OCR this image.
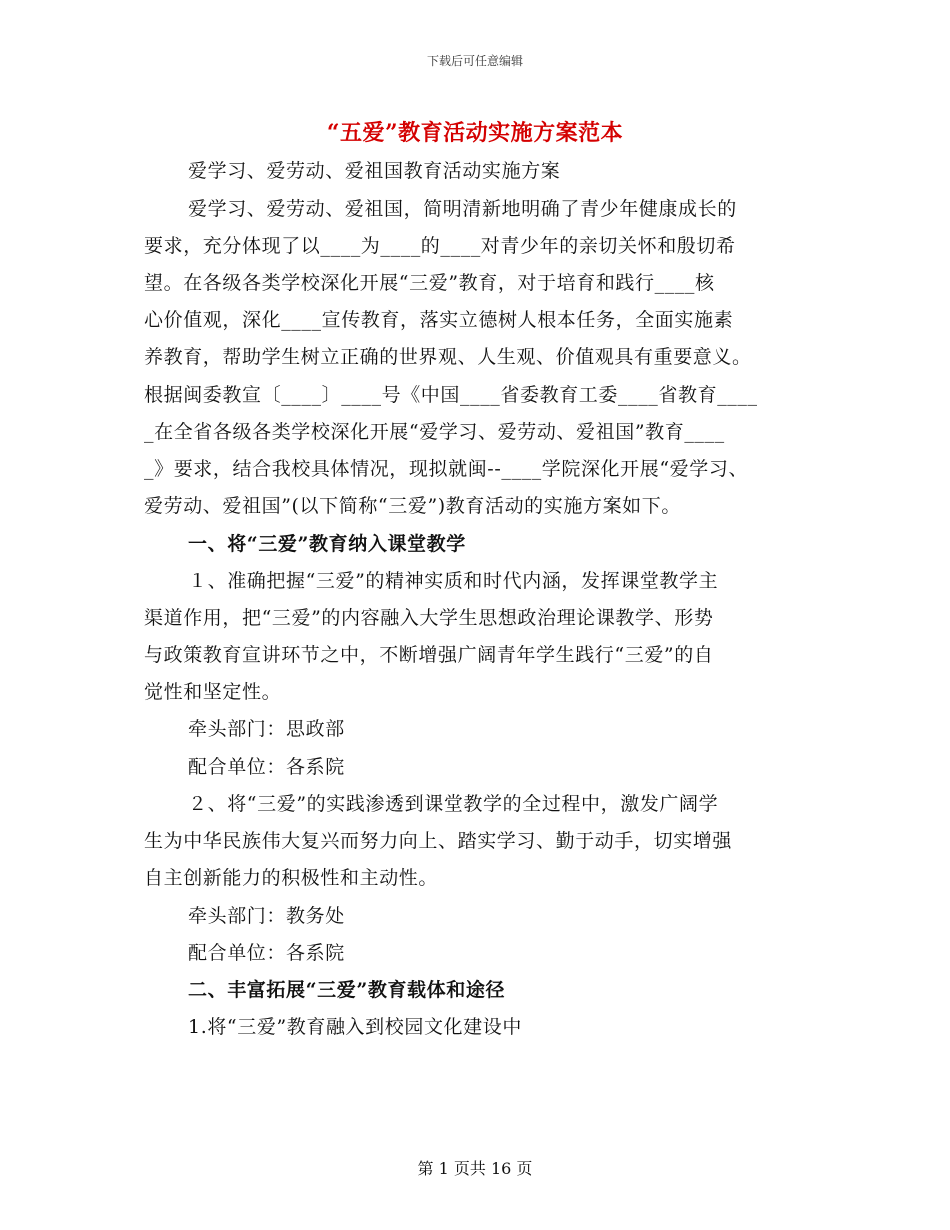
下载后可任意编辑
“五爱”教育活动实施方案范本
爱学习、爱劳动、爱祖国教育活动实施方案
爱学习、爱劳动、爱祖国，简明清新地明确了青少年健康成长的
要求，充分体现了以____为____的____对青少年的亲切关怀和殷切希
望。在各级各类学校深化开展“三爱”教育，对于培育和践行____核
心价值观，深化____宣传教育，落实立德树人根本任务，全面实施素
养教育，帮助学生树立正确的世界观、人生观、价值观具有重要意义。
根据闽委教宣〔____〕____号《中国____省委教育工委____省教育____
_在全省各级各类学校深化开展“爱学习、爱劳动、爱祖国”教育____
_》要求，结合我校具体情况，现拟就闽--____学院深化开展“爱学习、
爱劳动、爱祖国”(以下简称“三爱”)教育活动的实施方案如下。
一、将“三爱”教育纳入课堂教学
１、准确把握“三爱”的精神实质和时代内涵，发挥课堂教学主
渠道作用，把“三爱”的内容融入大学生思想政治理论课教学、形势
与政策教育宣讲环节之中，不断增强广阔青年学生践行“三爱”的自
觉性和坚定性。
牵头部门：思政部
配合单位：各系院
２、将“三爱”的实践渗透到课堂教学的全过程中，激发广阔学
生为中华民族伟大复兴而努力向上、踏实学习、勤于动手，切实增强
自主创新能力的积极性和主动性。
牵头部门：教务处
配合单位：各系院
二、丰富拓展“三爱”教育载体和途径
1.将“三爱”教育融入到校园文化建设中
第 1 页共 16 页
